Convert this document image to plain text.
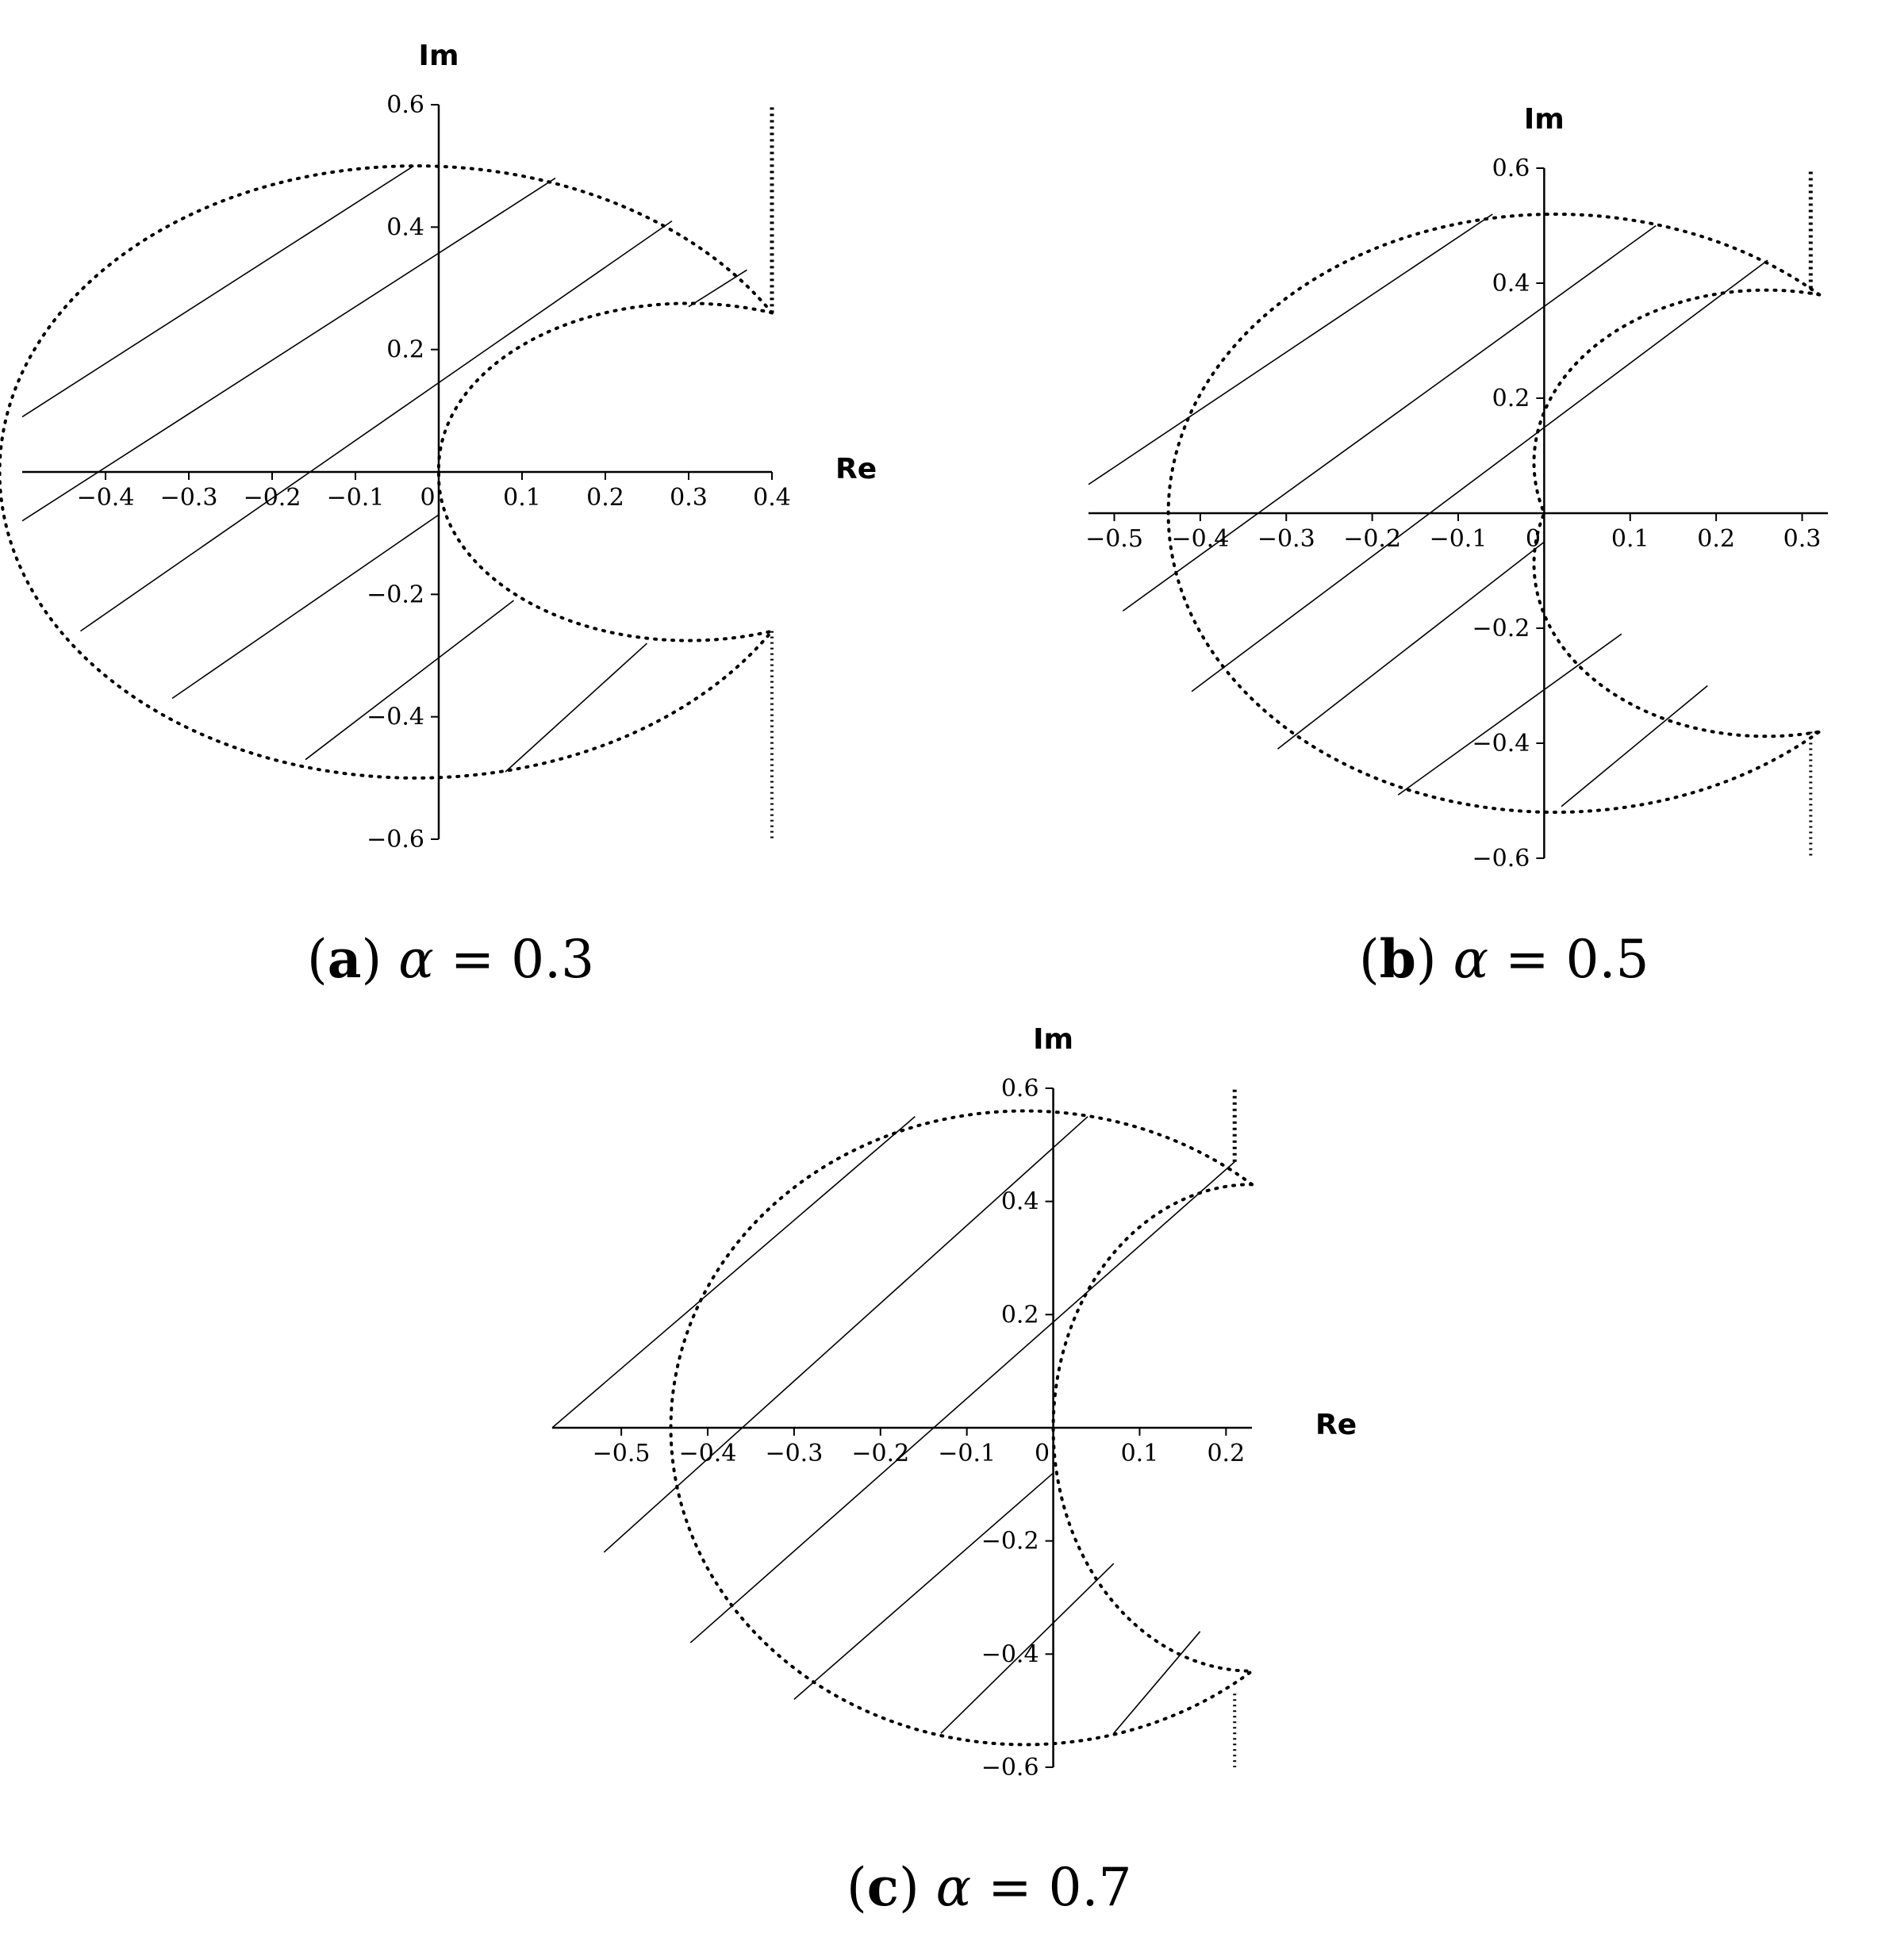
−0.4 −0.3 −0.2 −0.1 0	0.1 0.2 0.3 0.4
0.6
0.4
0.2
−0.2
−0.4
−0.6
Re
Im
−0.5 −0.4 −0.3 −0.2 −0.1 0	0.1 0.2 0.3
0.6
0.4
0.2
−0.2
−0.4
−0.6
Im
−0.5 −0.4 −0.3 −0.2 −0.1 0	0.1 0.2
0.6
0.4
0.2
−0.2
−0.4
−0.6
Re
Im
(a) α = 0.3	(b) α = 0.5
(c) α = 0.7
